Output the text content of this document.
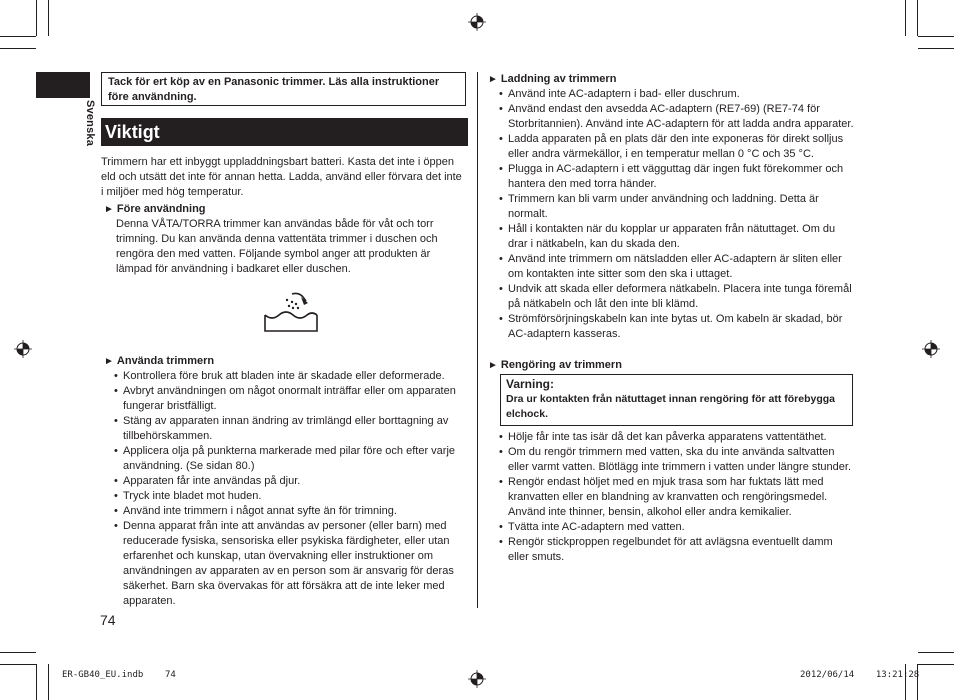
Svenska
Tack för ert köp av en Panasonic trimmer. Läs alla instruktioner före användning.
Viktigt
Trimmern har ett inbyggt uppladdningsbart batteri. Kasta det inte i öppen eld och utsätt det inte för annan hetta. Ladda, använd eller förvara det inte i miljöer med hög temperatur.
► Före användning
Denna VÅTA/TORRA trimmer kan användas både för våt och torr trimning. Du kan använda denna vattentäta trimmer i duschen och rengöra den med vatten. Följande symbol anger att produkten är lämpad för användning i badkaret eller duschen.
► Använda trimmern
• Kontrollera före bruk att bladen inte är skadade eller deformerade.
• Avbryt användningen om något onormalt inträffar eller om apparaten fungerar bristfälligt.
• Stäng av apparaten innan ändring av trimlängd eller borttagning av tillbehörskammen.
• Applicera olja på punkterna markerade med pilar före och efter varje användning. (Se sidan 80.)
• Apparaten får inte användas på djur.
• Tryck inte bladet mot huden.
• Använd inte trimmern i något annat syfte än för trimning.
• Denna apparat från inte att användas av personer (eller barn) med reducerade fysiska, sensoriska eller psykiska färdigheter, eller utan erfarenhet och kunskap, utan övervakning eller instruktioner om användningen av apparaten av en person som är ansvarig för deras säkerhet. Barn ska övervakas för att försäkra att de inte leker med apparaten.
74
► Laddning av trimmern
• Använd inte AC-adaptern i bad- eller duschrum.
• Använd endast den avsedda AC-adaptern (RE7-69) (RE7-74 för Storbritannien). Använd inte AC-adaptern för att ladda andra apparater.
• Ladda apparaten på en plats där den inte exponeras för direkt solljus eller andra värmekällor, i en temperatur mellan 0 °C och 35 °C.
• Plugga in AC-adaptern i ett vägguttag där ingen fukt förekommer och hantera den med torra händer.
• Trimmern kan bli varm under användning och laddning. Detta är normalt.
• Håll i kontakten när du kopplar ur apparaten från nätuttaget. Om du drar i nätkabeln, kan du skada den.
• Använd inte trimmern om nätsladden eller AC-adaptern är sliten eller om kontakten inte sitter som den ska i uttaget.
• Undvik att skada eller deformera nätkabeln. Placera inte tunga föremål på nätkabeln och låt den inte bli klämd.
• Strömförsörjningskabeln kan inte bytas ut. Om kabeln är skadad, bör AC-adaptern kasseras.
► Rengöring av trimmern
Varning:
Dra ur kontakten från nätuttaget innan rengöring för att förebygga elchock.
• Hölje får inte tas isär då det kan påverka apparatens vattentäthet.
• Om du rengör trimmern med vatten, ska du inte använda saltvatten eller varmt vatten. Blötlägg inte trimmern i vatten under längre stunder.
• Rengör endast höljet med en mjuk trasa som har fuktats lätt med kranvatten eller en blandning av kranvatten och rengöringsmedel. Använd inte thinner, bensin, alkohol eller andra kemikalier.
• Tvätta inte AC-adaptern med vatten.
• Rengör stickproppen regelbundet för att avlägsna eventuellt damm eller smuts.
ER-GB40_EU.indb 74	2012/06/14 13:21:28
